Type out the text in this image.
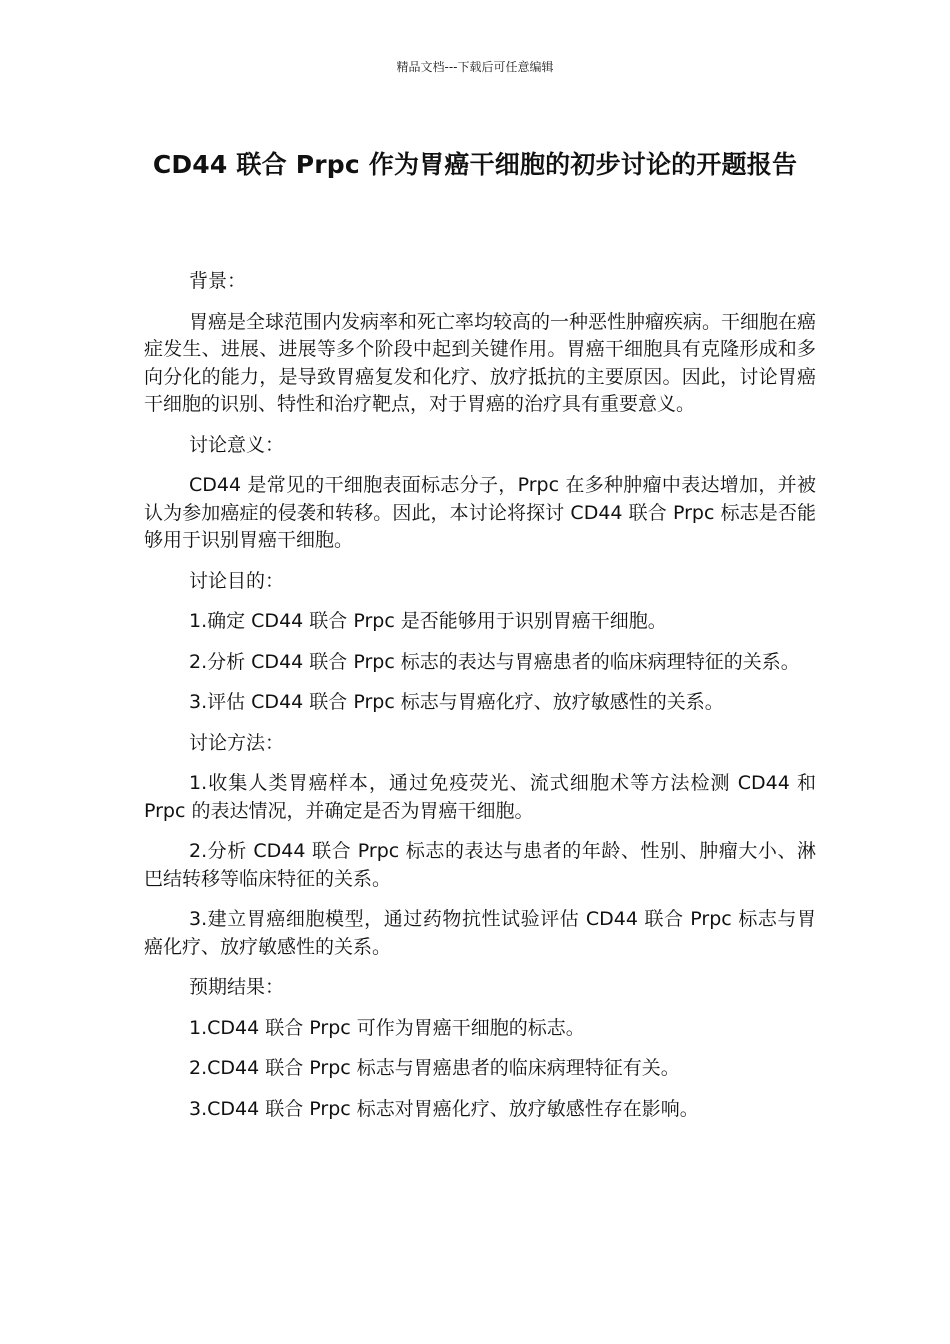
精品文档---下载后可任意编辑
CD44 联合 Prpc 作为胃癌干细胞的初步讨论的开题报告

背景：

胃癌是全球范围内发病率和死亡率均较高的一种恶性肿瘤疾病。干细胞在癌症发生、进展、进展等多个阶段中起到关键作用。胃癌干细胞具有克隆形成和多向分化的能力，是导致胃癌复发和化疗、放疗抵抗的主要原因。因此，讨论胃癌干细胞的识别、特性和治疗靶点，对于胃癌的治疗具有重要意义。

讨论意义：

CD44 是常见的干细胞表面标志分子，Prpc 在多种肿瘤中表达增加，并被认为参加癌症的侵袭和转移。因此，本讨论将探讨 CD44 联合 Prpc 标志是否能够用于识别胃癌干细胞。

讨论目的：

1.确定 CD44 联合 Prpc 是否能够用于识别胃癌干细胞。

2.分析 CD44 联合 Prpc 标志的表达与胃癌患者的临床病理特征的关系。

3.评估 CD44 联合 Prpc 标志与胃癌化疗、放疗敏感性的关系。

讨论方法：

1.收集人类胃癌样本，通过免疫荧光、流式细胞术等方法检测 CD44 和 Prpc 的表达情况，并确定是否为胃癌干细胞。

2.分析 CD44 联合 Prpc 标志的表达与患者的年龄、性别、肿瘤大小、淋巴结转移等临床特征的关系。

3.建立胃癌细胞模型，通过药物抗性试验评估 CD44 联合 Prpc 标志与胃癌化疗、放疗敏感性的关系。

预期结果：

1.CD44 联合 Prpc 可作为胃癌干细胞的标志。

2.CD44 联合 Prpc 标志与胃癌患者的临床病理特征有关。

3.CD44 联合 Prpc 标志对胃癌化疗、放疗敏感性存在影响。
